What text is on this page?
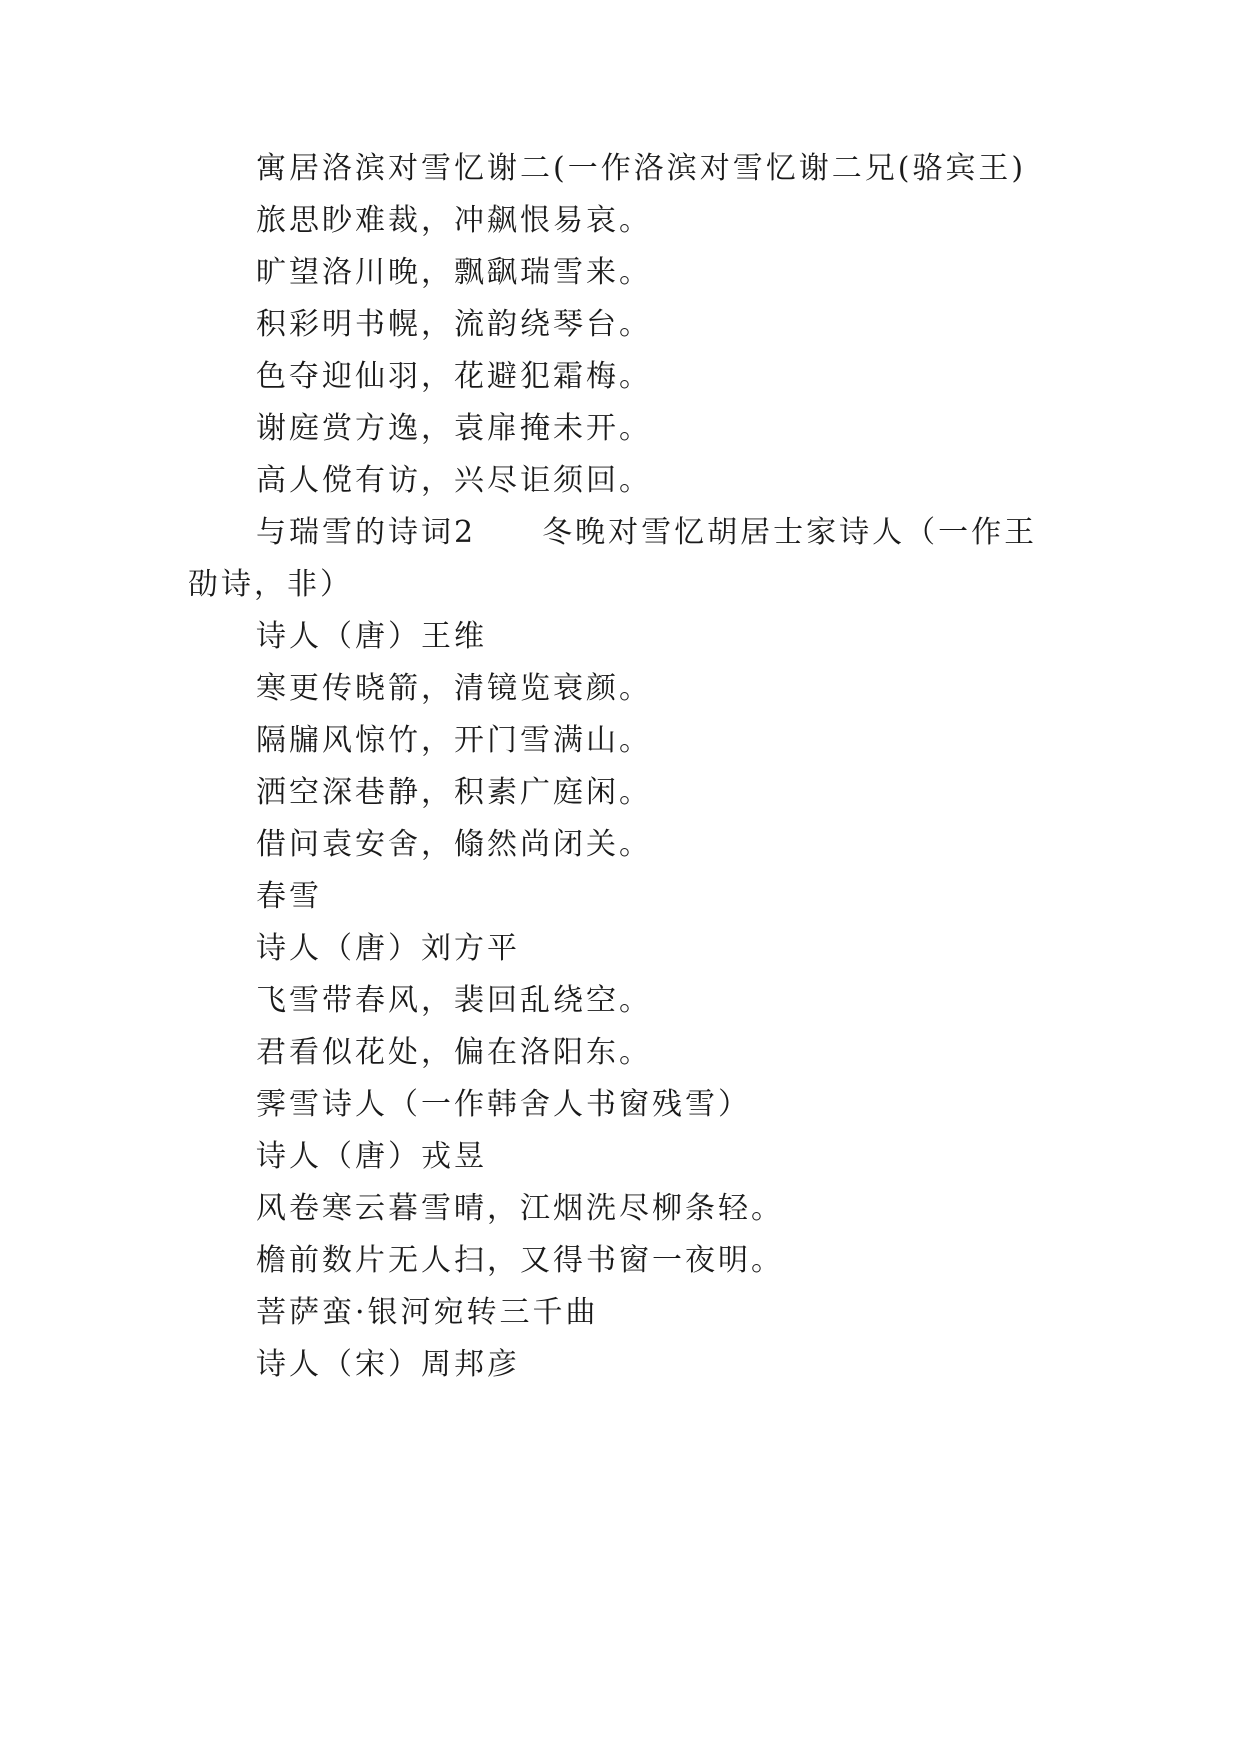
寓居洛滨对雪忆谢二(一作洛滨对雪忆谢二兄(骆宾王)
旅思眇难裁，冲飙恨易哀。
旷望洛川晚，飘飖瑞雪来。
积彩明书幌，流韵绕琴台。
色夺迎仙羽，花避犯霜梅。
谢庭赏方逸，袁扉掩未开。
高人傥有访，兴尽讵须回。
与瑞雪的诗词2　　冬晚对雪忆胡居士家诗人（一作王
劭诗，非）
诗人（唐）王维
寒更传晓箭，清镜览衰颜。
隔牖风惊竹，开门雪满山。
洒空深巷静，积素广庭闲。
借问袁安舍，翛然尚闭关。
春雪
诗人（唐）刘方平
飞雪带春风，裴回乱绕空。
君看似花处，偏在洛阳东。
霁雪诗人（一作韩舍人书窗残雪）
诗人（唐）戎昱
风卷寒云暮雪晴，江烟洗尽柳条轻。
檐前数片无人扫，又得书窗一夜明。
菩萨蛮·银河宛转三千曲
诗人（宋）周邦彦
